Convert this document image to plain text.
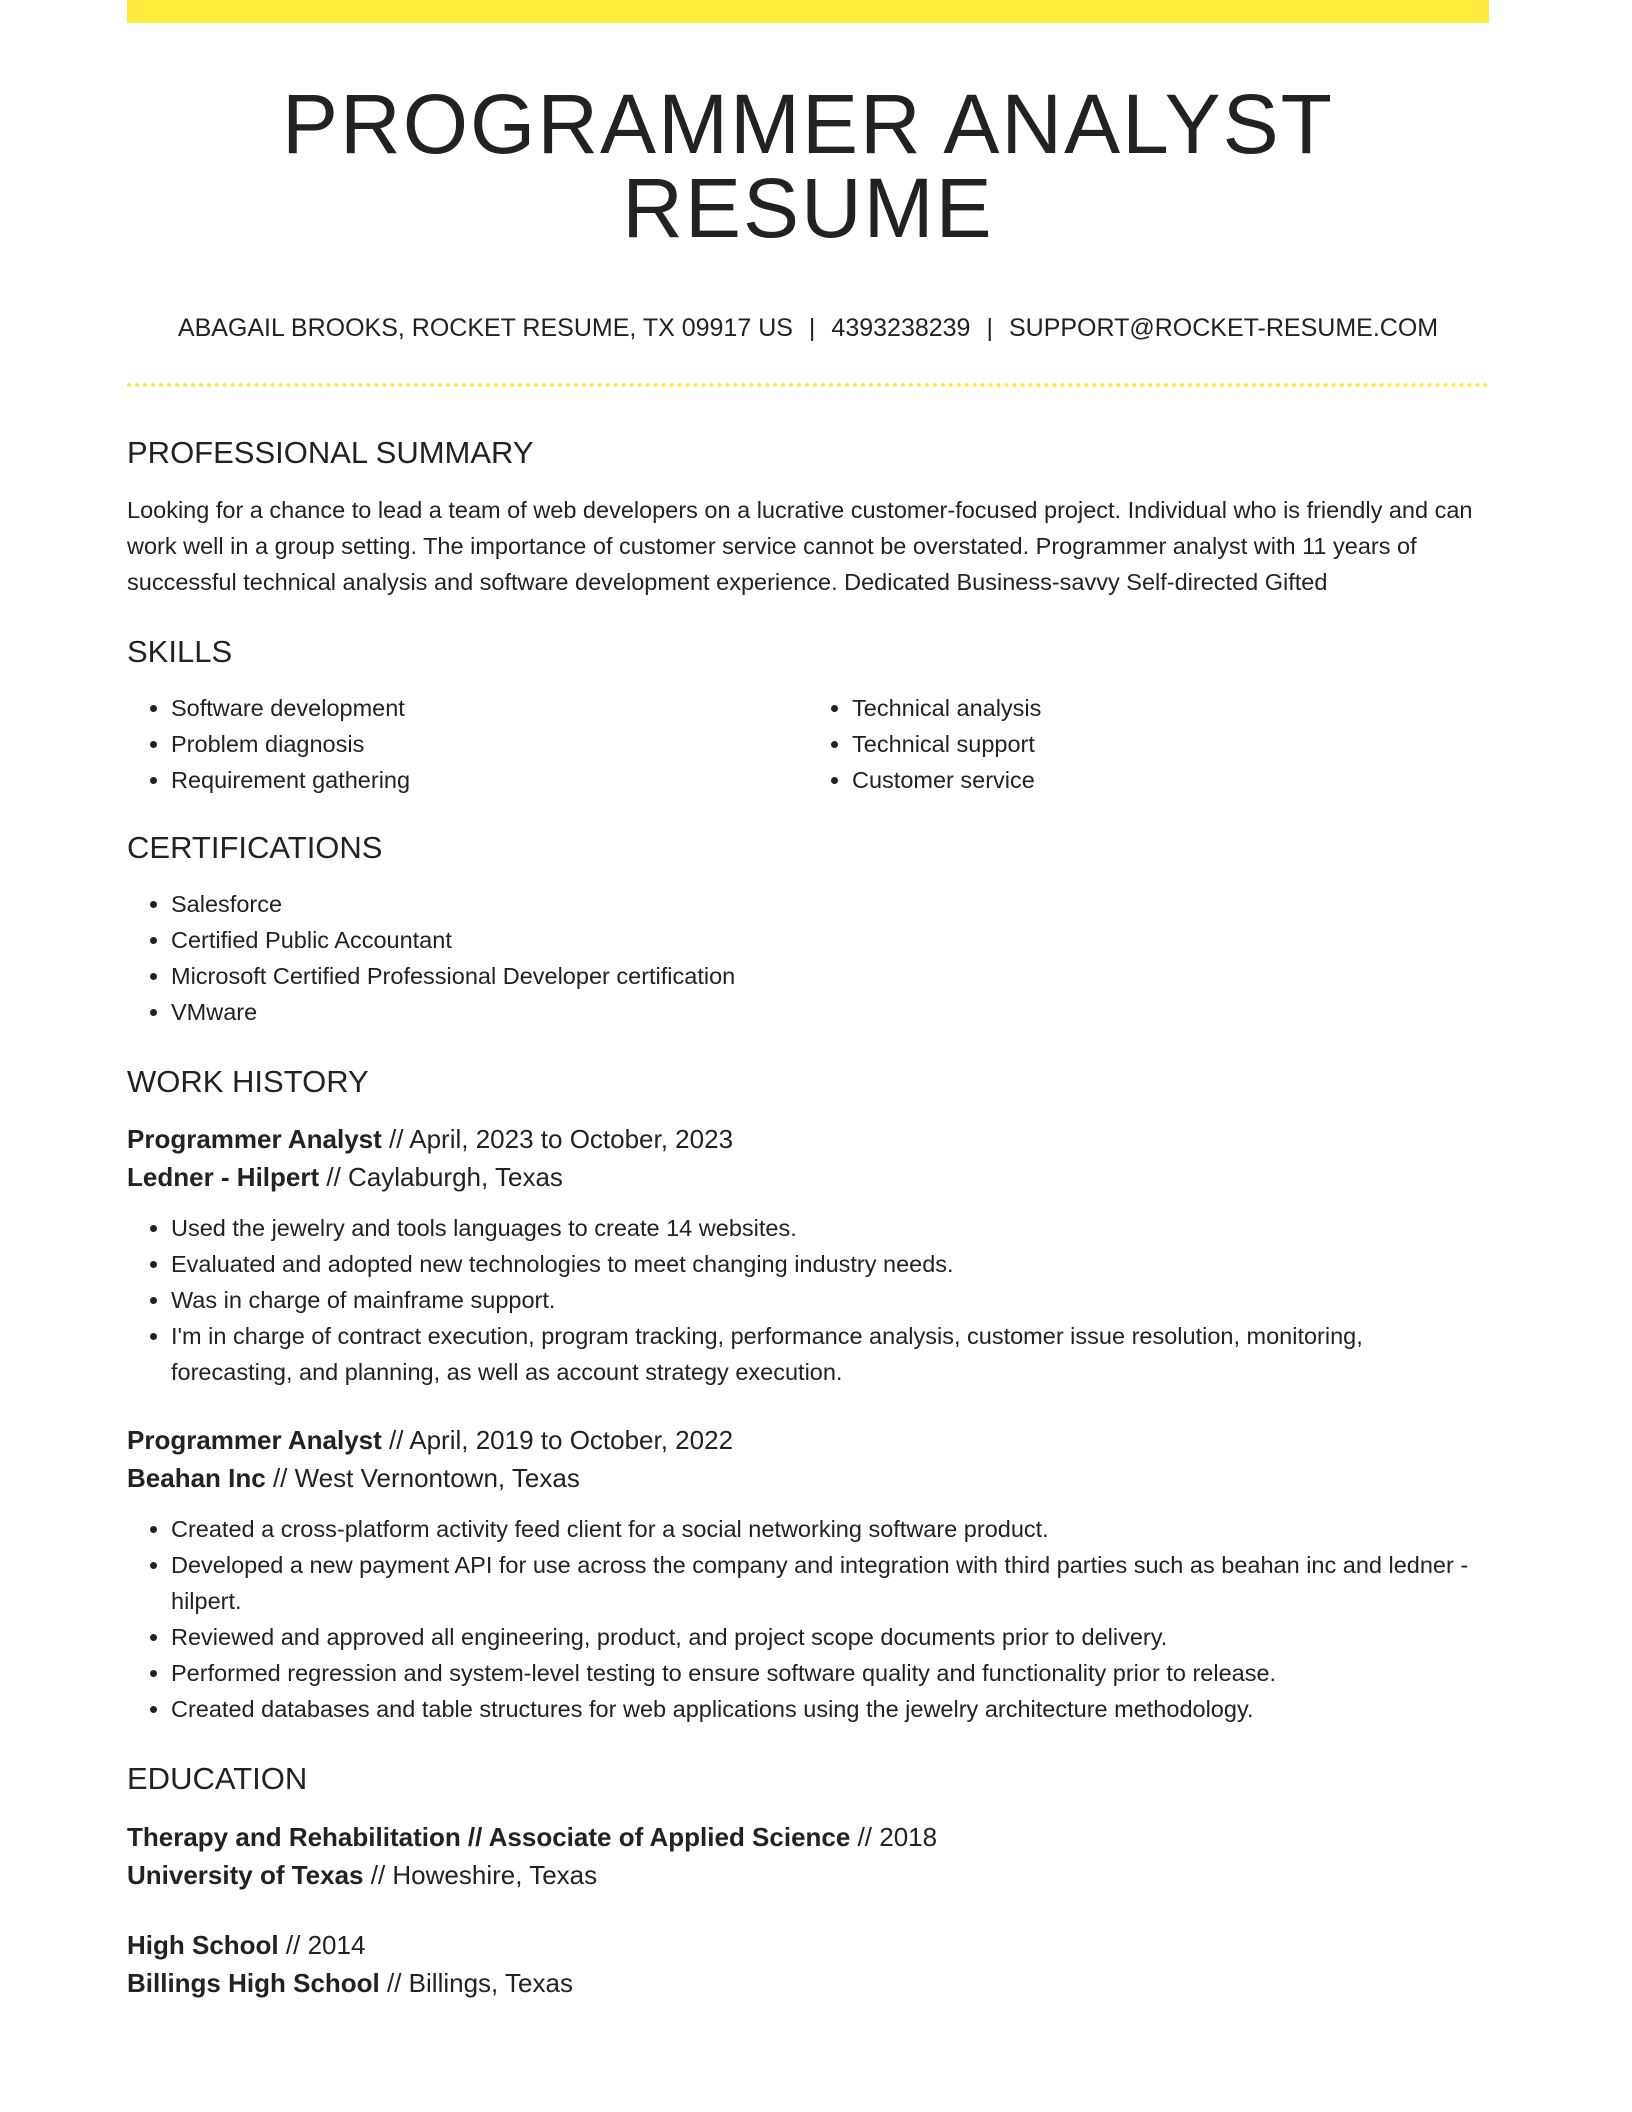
PROGRAMMER ANALYST RESUME
ABAGAIL BROOKS, ROCKET RESUME, TX 09917 US | 4393238239 | SUPPORT@ROCKET-RESUME.COM
PROFESSIONAL SUMMARY

Looking for a chance to lead a team of web developers on a lucrative customer-focused project. Individual who is friendly and can work well in a group setting. The importance of customer service cannot be overstated. Programmer analyst with 11 years of successful technical analysis and software development experience. Dedicated Business-savvy Self-directed Gifted

SKILLS
• Software development
• Problem diagnosis
• Requirement gathering
• Technical analysis
• Technical support
• Customer service
CERTIFICATIONS
• Salesforce
• Certified Public Accountant
• Microsoft Certified Professional Developer certification
• VMware
WORK HISTORY

Programmer Analyst // April, 2023 to October, 2023

Ledner - Hilpert // Caylaburgh, Texas

• Used the jewelry and tools languages to create 14 websites.
• Evaluated and adopted new technologies to meet changing industry needs.
• Was in charge of mainframe support.
• I'm in charge of contract execution, program tracking, performance analysis, customer issue resolution, monitoring, forecasting, and planning, as well as account strategy execution.

Programmer Analyst // April, 2019 to October, 2022

Beahan Inc // West Vernontown, Texas

• Created a cross-platform activity feed client for a social networking software product.
• Developed a new payment API for use across the company and integration with third parties such as beahan inc and ledner - hilpert.
• Reviewed and approved all engineering, product, and project scope documents prior to delivery.
• Performed regression and system-level testing to ensure software quality and functionality prior to release.
• Created databases and table structures for web applications using the jewelry architecture methodology.
EDUCATION

Therapy and Rehabilitation // Associate of Applied Science // 2018

University of Texas // Howeshire, Texas

High School // 2014

Billings High School // Billings, Texas
